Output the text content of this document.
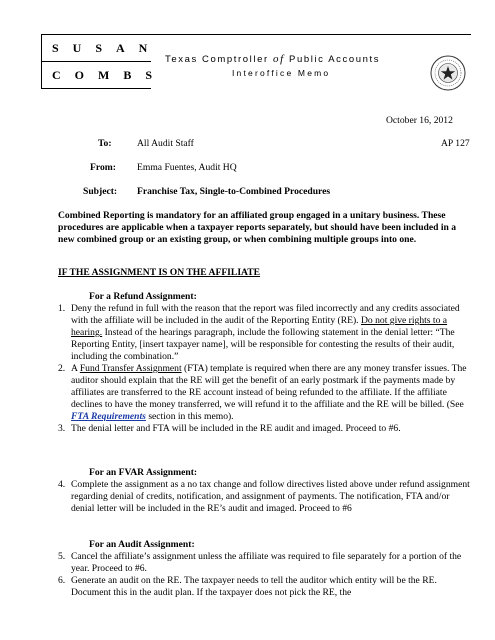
SUSAN
COMBS
Texas Comptroller of Public Accounts
Interoffice Memo
October 16, 2012
To:	All Audit Staff	AP 127
From: Emma Fuentes, Audit HQ
Subject: Franchise Tax, Single-to-Combined Procedures
Combined Reporting is mandatory for an affiliated group engaged in a unitary business. These procedures are applicable when a taxpayer reports separately, but should have been included in a new combined group or an existing group, or when combining multiple groups into one.
IF THE ASSIGNMENT IS ON THE AFFILIATE
For a Refund Assignment:
1. Deny the refund in full with the reason that the report was filed incorrectly and any credits associated with the affiliate will be included in the audit of the Reporting Entity (RE). Do not give rights to a hearing. Instead of the hearings paragraph, include the following statement in the denial letter: “The Reporting Entity, [insert taxpayer name], will be responsible for contesting the results of their audit, including the combination.”
2. A Fund Transfer Assignment (FTA) template is required when there are any money transfer issues. The auditor should explain that the RE will get the benefit of an early postmark if the payments made by affiliates are transferred to the RE account instead of being refunded to the affiliate. If the affiliate declines to have the money transferred, we will refund it to the affiliate and the RE will be billed. (See FTA Requirements section in this memo).
3. The denial letter and FTA will be included in the RE audit and imaged. Proceed to #6.
For an FVAR Assignment:
4. Complete the assignment as a no tax change and follow directives listed above under refund assignment regarding denial of credits, notification, and assignment of payments. The notification, FTA and/or denial letter will be included in the RE’s audit and imaged. Proceed to #6
For an Audit Assignment:
5. Cancel the affiliate’s assignment unless the affiliate was required to file separately for a portion of the year. Proceed to #6.
6. Generate an audit on the RE. The taxpayer needs to tell the auditor which entity will be the RE. Document this in the audit plan. If the taxpayer does not pick the RE, the
